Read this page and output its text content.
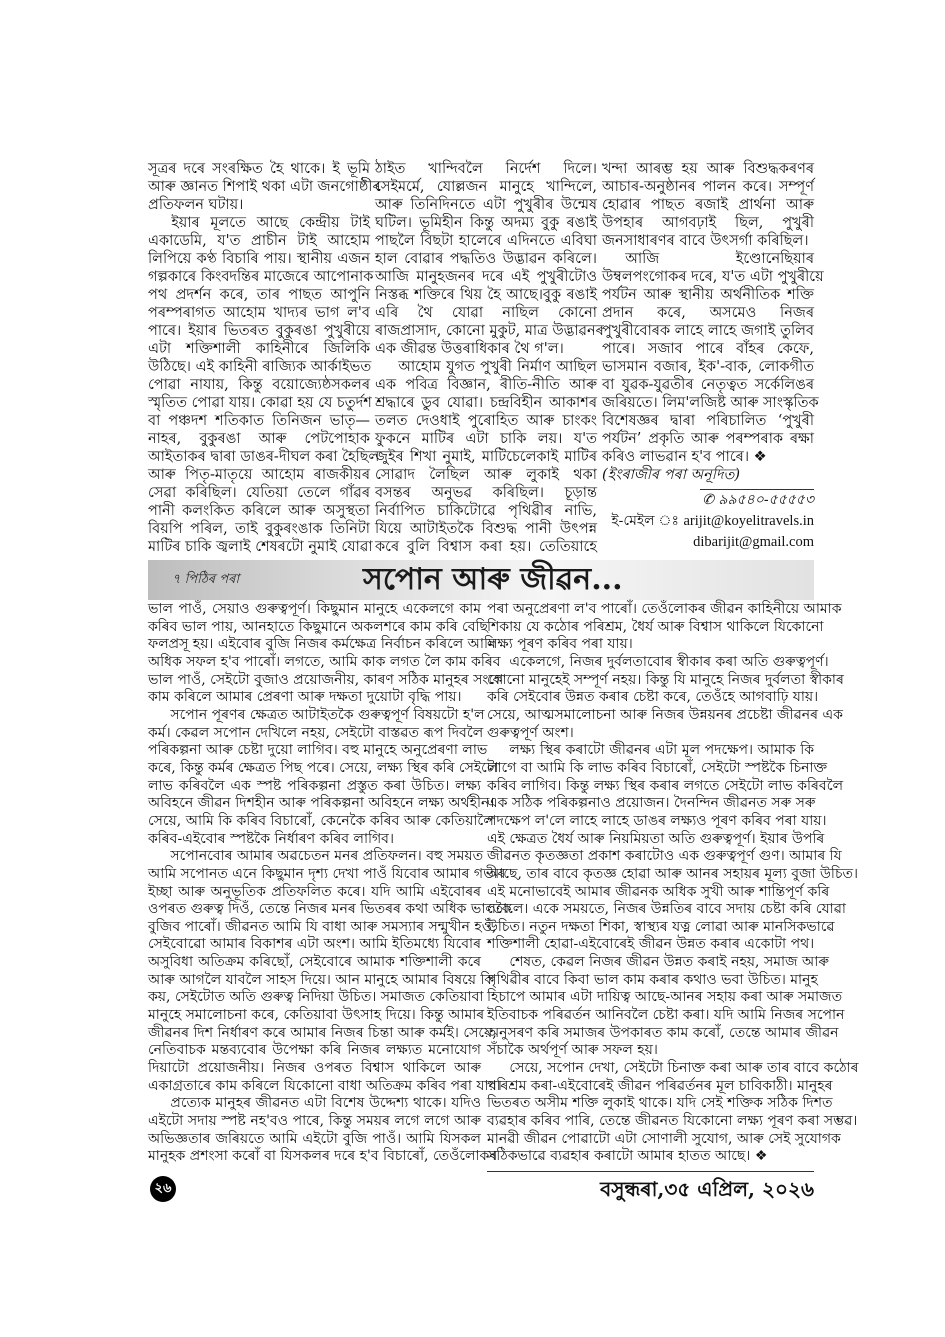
সূত্ৰৰ দৰে সংৰক্ষিত হৈ থাকে। ই ভূমি
আৰু জ্ঞানত শিপাই থকা এটা জনগোষ্ঠীৰ
প্ৰতিফলন ঘটায়।
ইয়াৰ মূলতে আছে কেন্দ্ৰীয় টাই
একাডেমি, য'ত প্ৰাচীন টাই আহোম
লিপিয়ে কণ্ঠ বিচাৰি পায়। স্থানীয় এজন
গল্পকাৰে কিংবদন্তিৰ মাজেৰে আপোনাক
পথ প্ৰদৰ্শন কৰে, তাৰ পাছত আপুনি
পৰম্পৰাগত আহোম খাদ্যৰ ভাগ ল'ব
পাৰে। ইয়াৰ ভিতৰত বুকুৰঙা পুখুৰীয়ে
এটা শক্তিশালী কাহিনীৰে জিলিকি
উঠিছে। এই কাহিনী ৰাজ্যিক আৰ্কাইভত
পোৱা নাযায়, কিন্তু বয়োজ্যেষ্ঠসকলৰ
স্মৃতিত পোৱা যায়। কোৱা হয় যে চতুৰ্দশ
বা পঞ্চদশ শতিকাত তিনিজন ভাতৃ—
নাহৰ, বুকুৰঙা আৰু পেটপোহাক
আইতাকৰ দ্বাৰা ডাঙৰ-দীঘল কৰা হৈছিল
আৰু পিতৃ-মাতৃয়ে আহোম ৰাজকীয়ৰ
সেৱা কৰিছিল। যেতিয়া তেলে গাঁৱৰ
পানী কলংকিত কৰিলে আৰু অসুস্থতা
বিয়পি পৰিল, তাই বুকুৰংঙাক তিনিটা
মাটিৰ চাকি জ্বলাই শেষৰটো নুমাই যোৱা
ঠাইত খান্দিবলৈ নিৰ্দেশ দিলে।
সেইমৰ্মে, যোল্লজন মানুহে খান্দিলে,
আৰু তিনিদিনতে এটা পুখুৰীৰ উন্মেষ
ঘটিল। ভূমিহীন কিন্তু অদম্য বুকু ৰঙাই
পাছলৈ বিছটা হালেৰে এদিনতে এবিঘা
হাল বোৱাৰ পদ্ধতিও উদ্ভাৱন কৰিলে।
আজি মানুহজনৰ দৰে এই পুখুৰীটোও
নিস্তব্ধ শক্তিৰে থিয় হৈ আছে।বুকু ৰঙাই
এৰি থৈ যোৱা নাছিল কোনো
ৰাজপ্ৰাসাদ, কোনো মুকুট, মাত্ৰ উদ্ভাৱনৰ
এক জীৱন্ত উত্তৰাধিকাৰ থৈ গ'ল।
আহোম যুগত পুখুৰী নিৰ্মাণ আছিল
এক পবিত্ৰ বিজ্ঞান, ৰীতি-নীতি আৰু
শ্ৰদ্ধাৰে ডুব যোৱা। চন্দ্ৰবিহীন আকাশৰ
তলত দেওধাই পুৰোহিত আৰু চাংকং
ফুকনে মাটিৰ এটা চাকি লয়। য'ত
জুইৰ শিখা নুমাই, মাটিচেলেকাই মাটিৰ
সোৱাদ লৈছিল আৰু লুকাই থকা
বসন্তৰ অনুভৱ কৰিছিল। চূড়ান্ত
নিৰ্বাপিত চাকিটোৱে পৃথিৱীৰ নাভি,
যিয়ে আটাইতকৈ বিশুদ্ধ পানী উৎপন্ন
কৰে বুলি বিশ্বাস কৰা হয়। তেতিয়াহে
খন্দা আৰম্ভ হয় আৰু বিশুদ্ধকৰণৰ
আচাৰ-অনুষ্ঠানৰ পালন কৰে। সম্পূৰ্ণ
হোৱাৰ পাছত ৰজাই প্ৰাৰ্থনা আৰু
উপহাৰ আগবঢ়াই ছিল, পুখুৰী
জনসাধাৰণৰ বাবে উৎসৰ্গা কৰিছিল।
আজি ইণ্ডোনেছিয়াৰ
উম্বলপংগোকৰ দৰে, য'ত এটা পুখুৰীয়ে
পৰ্যটন আৰু স্থানীয় অৰ্থনীতিক শক্তি
প্ৰদান কৰে, অসমেও নিজৰ
পুখুৰীবোৰক লাহে লাহে জগাই তুলিব
পাৰে। সজাব পাৰে বাঁহৰ কেফে,
ভাসমান বজাৰ, ইক'-বাক, লোকগীত
বা যুৱক-যুৱতীৰ নেতৃত্বত সৰ্কেলিঙৰ
জৰিয়তে। লিম'লজিষ্ট আৰু সাংস্কৃতিক
বিশেষজ্ঞৰ দ্বাৰা পৰিচালিত ‘পুখুৰী
পৰ্যটন’ প্ৰকৃতি আৰু পৰম্পৰাক ৰক্ষা
কৰিও লাভৱান হ'ব পাৰে। ❖
(ইংৰাজীৰ পৰা অনূদিত)
✆ ৯৯৫৪০-৫৫৫৫৩
ই-মেইল ঃ arijit@koyelitravels.in
dibarijit@gmail.com
৭ পিঠিৰ পৰা	সপোন আৰু জীৱন...
ভাল পাওঁ, সেয়াও গুৰুত্বপূৰ্ণ। কিছুমান মানুহে একেলগে কাম
কৰিব ভাল পায়, আনহাতে কিছুমানে অকলশৰে কাম কৰি বেছি
ফলপ্ৰসূ হয়। এইবোৰ বুজি নিজৰ কৰ্মক্ষেত্ৰ নিৰ্বাচন কৰিলে আমি
অধিক সফল হ'ব পাৰোঁ। লগতে, আমি কাক লগত লৈ কাম কৰিব
ভাল পাওঁ, সেইটো বুজাও প্ৰয়োজনীয়, কাৰণ সঠিক মানুহৰ সংগে
কাম কৰিলে আমাৰ প্ৰেৰণা আৰু দক্ষতা দুয়োটা বৃদ্ধি পায়।
সপোন পূৰণৰ ক্ষেত্ৰত আটাইতকৈ গুৰুত্বপূৰ্ণ বিষয়টো হ'ল
কৰ্ম। কেৱল সপোন দেখিলে নহয়, সেইটো বাস্তৱত ৰূপ দিবলৈ
পৰিকল্পনা আৰু চেষ্টা দুয়ো লাগিব। বহু মানুহে অনুপ্ৰেৰণা লাভ
কৰে, কিন্তু কৰ্মৰ ক্ষেত্ৰত পিছ পৰে। সেয়ে, লক্ষ্য স্থিৰ কৰি সেইটো
লাভ কৰিবলৈ এক স্পষ্ট পৰিকল্পনা প্ৰস্তুত কৰা উচিত। লক্ষ্য
অবিহনে জীৱন দিশহীন আৰু পৰিকল্পনা অবিহনে লক্ষ্য অৰ্থহীন।
সেয়ে, আমি কি কৰিব বিচাৰোঁ, কেনেকৈ কৰিব আৰু কেতিয়ালৈ
কৰিব-এইবোৰ স্পষ্টকৈ নিৰ্ধাৰণ কৰিব লাগিব।
সপোনবোৰ আমাৰ অৱচেতন মনৰ প্ৰতিফলন। বহু সময়ত
আমি সপোনত এনে কিছুমান দৃশ্য দেখা পাওঁ যিবোৰ আমাৰ গভীৰ
ইচ্ছা আৰু অনুভূতিক প্ৰতিফলিত কৰে। যদি আমি এইবোৰৰ
ওপৰত গুৰুত্ব দিওঁ, তেন্তে নিজৰ মনৰ ভিতৰৰ কথা অধিক ভালকৈ
বুজিব পাৰোঁ। জীৱনত আমি যি বাধা আৰু সমস্যাৰ সন্মুখীন হওঁ,
সেইবোৱো আমাৰ বিকাশৰ এটা অংশ। আমি ইতিমধ্যে যিবোৰ
অসুবিধা অতিক্ৰম কৰিছোঁ, সেইবোৰে আমাক শক্তিশালী কৰে
আৰু আগলৈ যাবলৈ সাহস দিয়ে। আন মানুহে আমাৰ বিষয়ে কি
কয়, সেইটোত অতি গুৰুত্ব নিদিয়া উচিত। সমাজত কেতিয়াবা
মানুহে সমালোচনা কৰে, কেতিয়াবা উৎসাহ দিয়ে। কিন্তু আমাৰ
জীৱনৰ দিশ নিৰ্ধাৰণ কৰে আমাৰ নিজৰ চিন্তা আৰু কৰ্মই। সেয়ে,
নেতিবাচক মন্তব্যবোৰ উপেক্ষা কৰি নিজৰ লক্ষ্যত মনোযোগ
দিয়াটো প্ৰয়োজনীয়। নিজৰ ওপৰত বিশ্বাস থাকিলে আৰু
একাগ্ৰতাৰে কাম কৰিলে যিকোনো বাধা অতিক্ৰম কৰিব পৰা যায়।
প্ৰত্যেক মানুহৰ জীৱনত এটা বিশেষ উদ্দেশ্য থাকে। যদিও
এইটো সদায় স্পষ্ট নহ'বও পাৰে, কিন্তু সময়ৰ লগে লগে আৰু
অভিজ্ঞতাৰ জৰিয়তে আমি এইটো বুজি পাওঁ। আমি যিসকল
মানুহক প্ৰশংসা কৰোঁ বা যিসকলৰ দৰে হ'ব বিচাৰোঁ, তেওঁলোকৰ
পৰা অনুপ্ৰেৰণা ল'ব পাৰোঁ। তেওঁলোকৰ জীৱন কাহিনীয়ে আমাক
শিকায় যে কঠোৰ পৰিশ্ৰম, ধৈৰ্য আৰু বিশ্বাস থাকিলে যিকোনো
লক্ষ্য পূৰণ কৰিব পৰা যায়।
একেলগে, নিজৰ দুৰ্বলতাবোৰ স্বীকাৰ কৰা অতি গুৰুত্বপূৰ্ণ।
কোনো মানুহেই সম্পূৰ্ণ নহয়। কিন্তু যি মানুহে নিজৰ দুৰ্বলতা স্বীকাৰ
কৰি সেইবোৰ উন্নত কৰাৰ চেষ্টা কৰে, তেওঁহে আগবাঢ়ি যায়।
সেয়ে, আত্মসমালোচনা আৰু নিজৰ উন্নয়নৰ প্ৰচেষ্টা জীৱনৰ এক
গুৰুত্বপূৰ্ণ অংশ।
লক্ষ্য স্থিৰ কৰাটো জীৱনৰ এটা মূল পদক্ষেপ। আমাক কি
লাগে বা আমি কি লাভ কৰিব বিচাৰোঁ, সেইটো স্পষ্টকৈ চিনাক্ত
কৰিব লাগিব। কিন্তু লক্ষ্য স্থিৰ কৰাৰ লগতে সেইটো লাভ কৰিবলৈ
এক সঠিক পৰিকল্পনাও প্ৰয়োজন। দৈনন্দিন জীৱনত সৰু সৰু
পদক্ষেপ ল'লে লাহে লাহে ডাঙৰ লক্ষ্যও পূৰণ কৰিব পৰা যায়।
এই ক্ষেত্ৰত ধৈৰ্য আৰু নিয়মিয়তা অতি গুৰুত্বপূৰ্ণ। ইয়াৰ উপৰি
জীৱনত কৃতজ্ঞতা প্ৰকাশ কৰাটোও এক গুৰুত্বপূৰ্ণ গুণ। আমাৰ যি
আছে, তাৰ বাবে কৃতজ্ঞ হোৱা আৰু আনৰ সহায়ৰ মূল্য বুজা উচিত।
এই মনোভাবেই আমাৰ জীৱনক অধিক সুখী আৰু শান্তিপূৰ্ণ কৰি
তোলে। একে সময়তে, নিজৰ উন্নতিৰ বাবে সদায় চেষ্টা কৰি যোৱা
উচিত। নতুন দক্ষতা শিকা, স্বাস্থ্যৰ যত্ন লোৱা আৰু মানসিকভাৱে
শক্তিশালী হোৱা-এইবোৰেই জীৱন উন্নত কৰাৰ একোটা পথ।
শেষত, কেৱল নিজৰ জীৱন উন্নত কৰাই নহয়, সমাজ আৰু
পৃথিৱীৰ বাবে কিবা ভাল কাম কৰাৰ কথাও ভবা উচিত। মানুহ
হিচাপে আমাৰ এটা দায়িত্ব আছে-আনৰ সহায় কৰা আৰু সমাজত
ইতিবাচক পৰিৱৰ্তন আনিবলৈ চেষ্টা কৰা। যদি আমি নিজৰ সপোন
অনুসৰণ কৰি সমাজৰ উপকাৰত কাম কৰোঁ, তেন্তে আমাৰ জীৱন
সঁচাকৈ অৰ্থপূৰ্ণ আৰু সফল হয়।
সেয়ে, সপোন দেখা, সেইটো চিনাক্ত কৰা আৰু তাৰ বাবে কঠোৰ
পৰিশ্ৰম কৰা-এইবোৰেই জীৱন পৰিৱৰ্তনৰ মূল চাবিকাঠী। মানুহৰ
ভিতৰত অসীম শক্তি লুকাই থাকে। যদি সেই শক্তিক সঠিক দিশত
ব্যৱহাৰ কৰিব পাৰি, তেন্তে জীৱনত যিকোনো লক্ষ্য পূৰণ কৰা সম্ভৱ।
মানৱী জীৱন পোৱাটো এটা সোণালী সুযোগ, আৰু সেই সুযোগক
সঠিকভাৱে ব্যৱহাৰ কৰাটো আমাৰ হাতত আছে। ❖
২৬	বসুন্ধৰা,৩৫ এপ্ৰিল, ২০২৬
